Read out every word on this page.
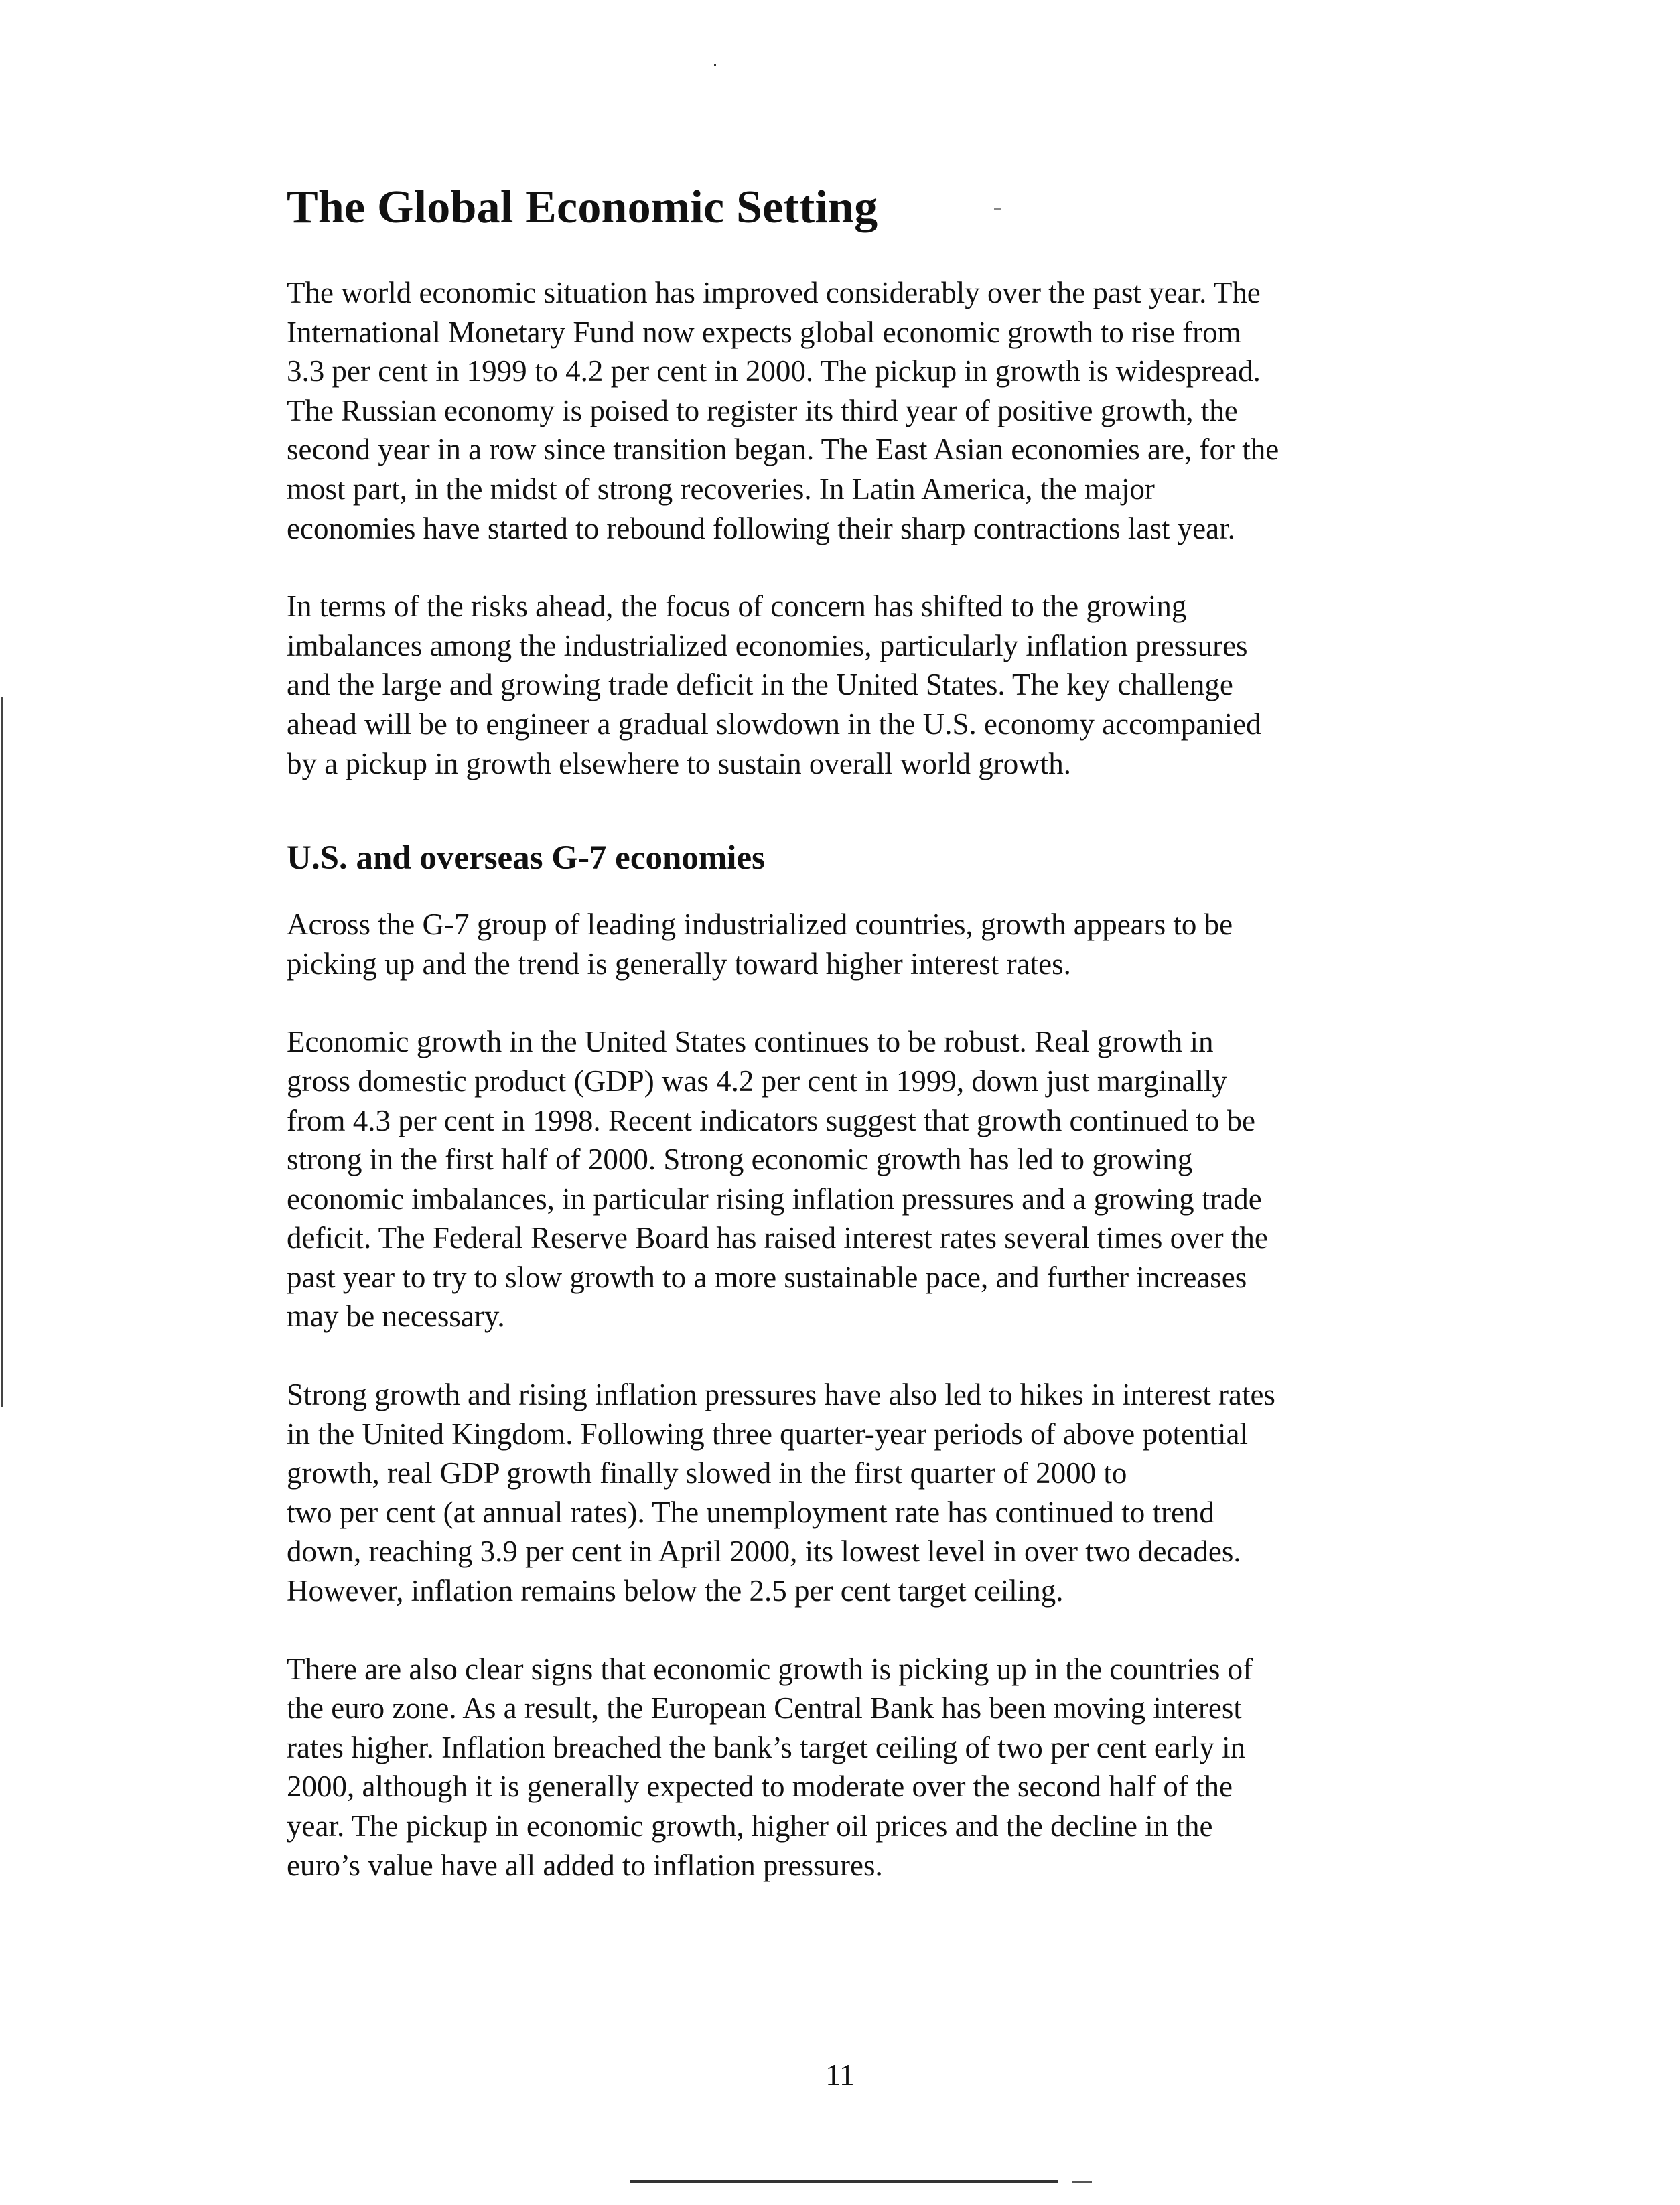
The Global Economic Setting

The world economic situation has improved considerably over the past year. The
International Monetary Fund now expects global economic growth to rise from
3.3 per cent in 1999 to 4.2 per cent in 2000. The pickup in growth is widespread.
The Russian economy is poised to register its third year of positive growth, the
second year in a row since transition began. The East Asian economies are, for the
most part, in the midst of strong recoveries. In Latin America, the major
economies have started to rebound following their sharp contractions last year.

In terms of the risks ahead, the focus of concern has shifted to the growing
imbalances among the industrialized economies, particularly inflation pressures
and the large and growing trade deficit in the United States. The key challenge
ahead will be to engineer a gradual slowdown in the U.S. economy accompanied
by a pickup in growth elsewhere to sustain overall world growth.

U.S. and overseas G-7 economies

Across the G-7 group of leading industrialized countries, growth appears to be
picking up and the trend is generally toward higher interest rates.

Economic growth in the United States continues to be robust. Real growth in
gross domestic product (GDP) was 4.2 per cent in 1999, down just marginally
from 4.3 per cent in 1998. Recent indicators suggest that growth continued to be
strong in the first half of 2000. Strong economic growth has led to growing
economic imbalances, in particular rising inflation pressures and a growing trade
deficit. The Federal Reserve Board has raised interest rates several times over the
past year to try to slow growth to a more sustainable pace, and further increases
may be necessary.

Strong growth and rising inflation pressures have also led to hikes in interest rates
in the United Kingdom. Following three quarter-year periods of above potential
growth, real GDP growth finally slowed in the first quarter of 2000 to
two per cent (at annual rates). The unemployment rate has continued to trend
down, reaching 3.9 per cent in April 2000, its lowest level in over two decades.
However, inflation remains below the 2.5 per cent target ceiling.

There are also clear signs that economic growth is picking up in the countries of
the euro zone. As a result, the European Central Bank has been moving interest
rates higher. Inflation breached the bank’s target ceiling of two per cent early in
2000, although it is generally expected to moderate over the second half of the
year. The pickup in economic growth, higher oil prices and the decline in the
euro’s value have all added to inflation pressures.

11
